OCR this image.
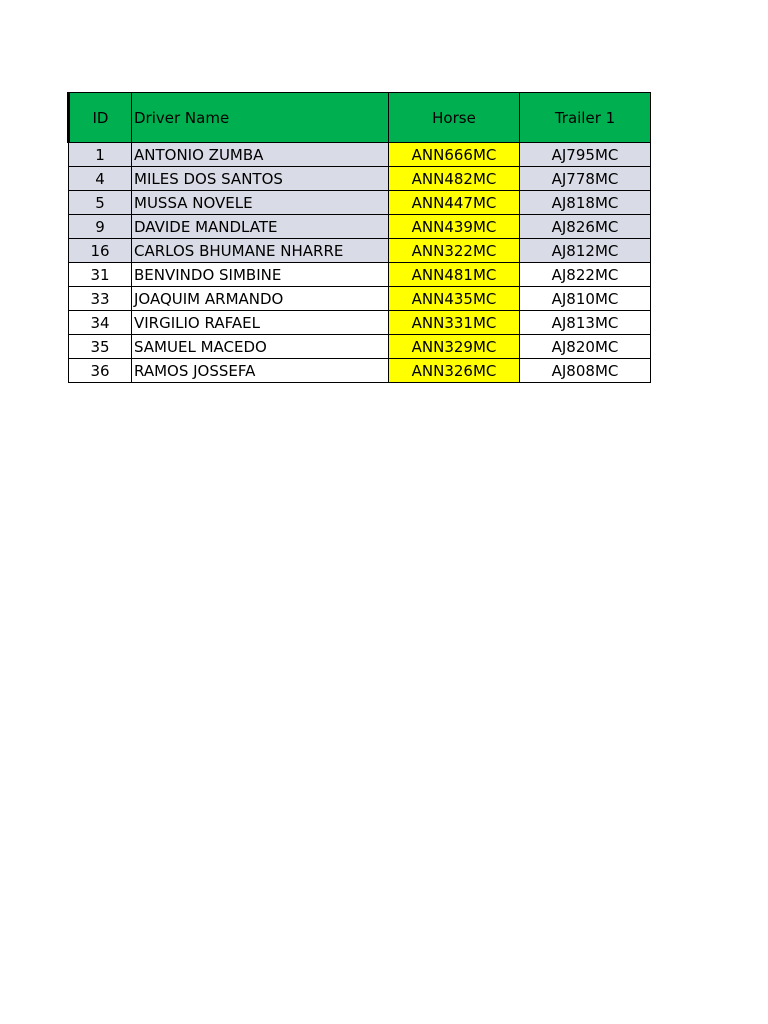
ID	Driver Name	Horse	Trailer 1
1	ANTONIO ZUMBA	ANN666MC	AJ795MC
4	MILES DOS SANTOS	ANN482MC	AJ778MC
5	MUSSA NOVELE	ANN447MC	AJ818MC
9	DAVIDE MANDLATE	ANN439MC	AJ826MC
16	CARLOS BHUMANE NHARRE	ANN322MC	AJ812MC
31	BENVINDO SIMBINE	ANN481MC	AJ822MC
33	JOAQUIM ARMANDO	ANN435MC	AJ810MC
34	VIRGILIO RAFAEL	ANN331MC	AJ813MC
35	SAMUEL MACEDO	ANN329MC	AJ820MC
36	RAMOS JOSSEFA	ANN326MC	AJ808MC
